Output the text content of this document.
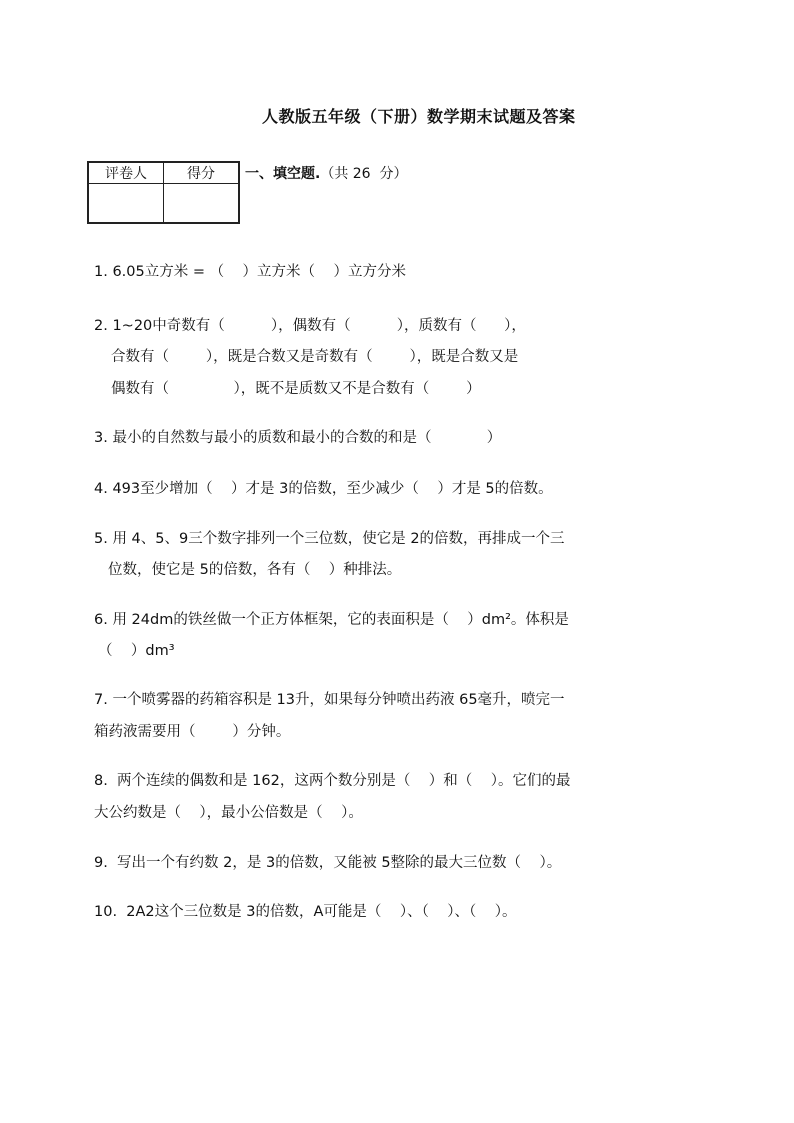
人教版五年级（下册）数学期末试题及答案
评卷人	得分
	一、填空题.（共 26  分）
1. 6.05立方米 = （    ）立方米（    ）立方分米
2. 1~20中奇数有（          ），偶数有（          ），质数有（      ），
合数有（        ），既是合数又是奇数有（        ），既是合数又是
偶数有（              ），既不是质数又不是合数有（        ）
3. 最小的自然数与最小的质数和最小的合数的和是（            ）
4. 493至少增加（    ）才是 3的倍数，至少减少（    ）才是 5的倍数。
5. 用 4、5、9三个数字排列一个三位数，使它是 2的倍数，再排成一个三
位数，使它是 5的倍数，各有（    ）种排法。
6. 用 24dm的铁丝做一个正方体框架，它的表面积是（    ）dm²。体积是
（    ）dm³
7. 一个喷雾器的药箱容积是 13升，如果每分钟喷出药液 65毫升，喷完一
箱药液需要用（        ）分钟。
8.  两个连续的偶数和是 162，这两个数分别是（    ）和（    ）。它们的最
大公约数是（    ），最小公倍数是（    ）。
9.  写出一个有约数 2，是 3的倍数，又能被 5整除的最大三位数（    ）。
10.  2A2这个三位数是 3的倍数，A可能是（    ）、（    ）、（    ）。
